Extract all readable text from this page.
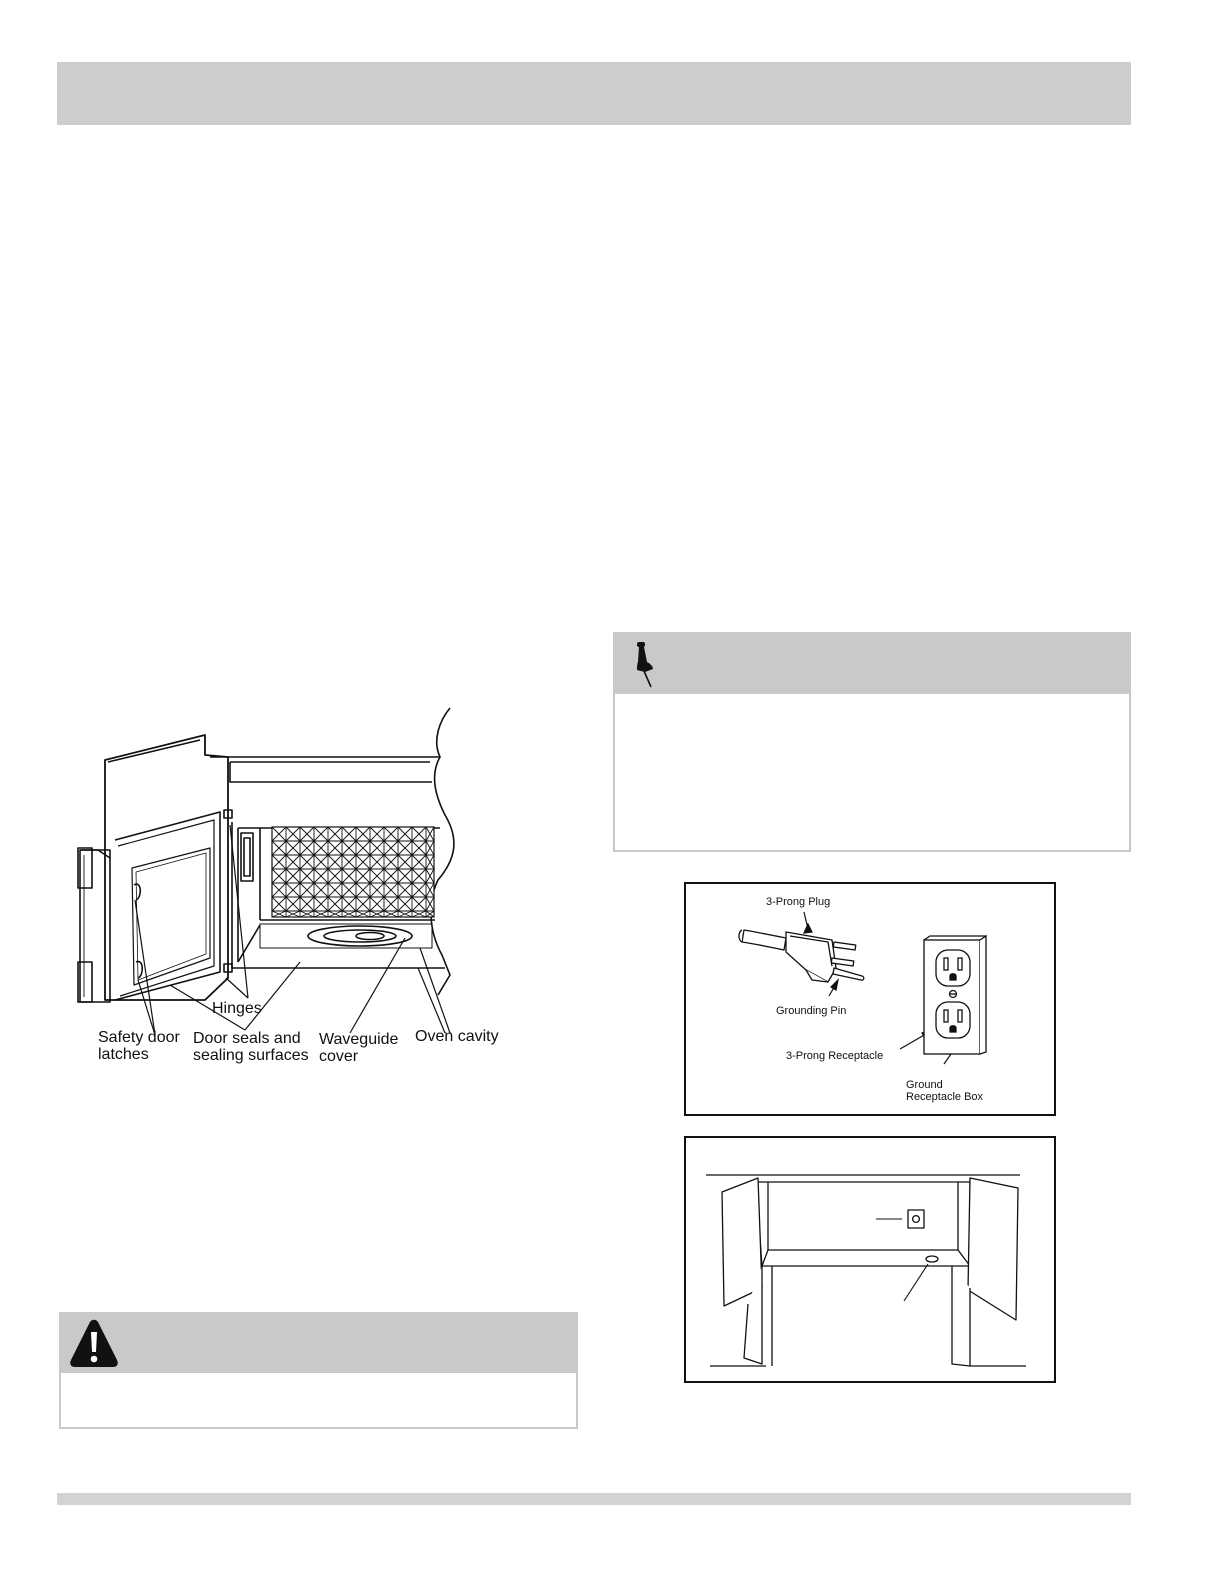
Hinges
Safety door
latches
Door seals and
sealing surfaces
Waveguide
cover
Oven cavity
3-Prong Plug
Grounding Pin
3-Prong Receptacle
Ground
Receptacle Box
